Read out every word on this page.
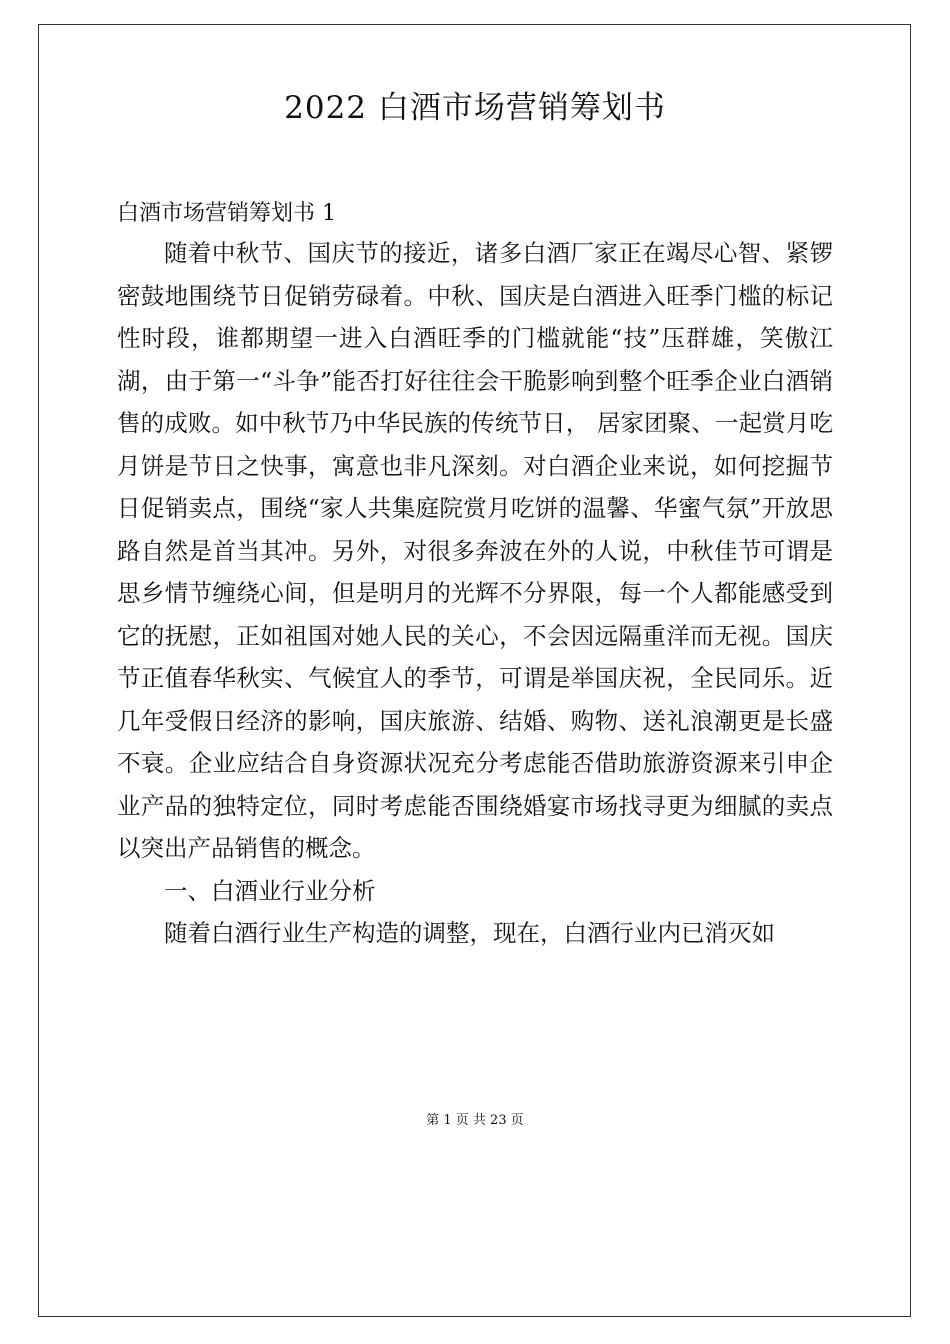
2022 白酒市场营销筹划书
白酒市场营销筹划书 1

随着中秋节、国庆节的接近，诸多白酒厂家正在竭尽心智、紧锣密鼓地围绕节日促销劳碌着。中秋、国庆是白酒进入旺季门槛的标记性时段，谁都期望一进入白酒旺季的门槛就能“技”压群雄，笑傲江湖，由于第一“斗争”能否打好往往会干脆影响到整个旺季企业白酒销售的成败。如中秋节乃中华民族的传统节日， 居家团聚、一起赏月吃月饼是节日之快事，寓意也非凡深刻。对白酒企业来说，如何挖掘节日促销卖点，围绕“家人共集庭院赏月吃饼的温馨、华蜜气氛”开放思路自然是首当其冲。另外，对很多奔波在外的人说，中秋佳节可谓是思乡情节缠绕心间，但是明月的光辉不分界限，每一个人都能感受到它的抚慰，正如祖国对她人民的关心，不会因远隔重洋而无视。国庆节正值春华秋实、气候宜人的季节，可谓是举国庆祝，全民同乐。近几年受假日经济的影响，国庆旅游、结婚、购物、送礼浪潮更是长盛不衰。企业应结合自身资源状况充分考虑能否借助旅游资源来引申企业产品的独特定位，同时考虑能否围绕婚宴市场找寻更为细腻的卖点以突出产品销售的概念。

一、白酒业行业分析

随着白酒行业生产构造的调整，现在，白酒行业内已消灭如

第 1 页 共 23 页
